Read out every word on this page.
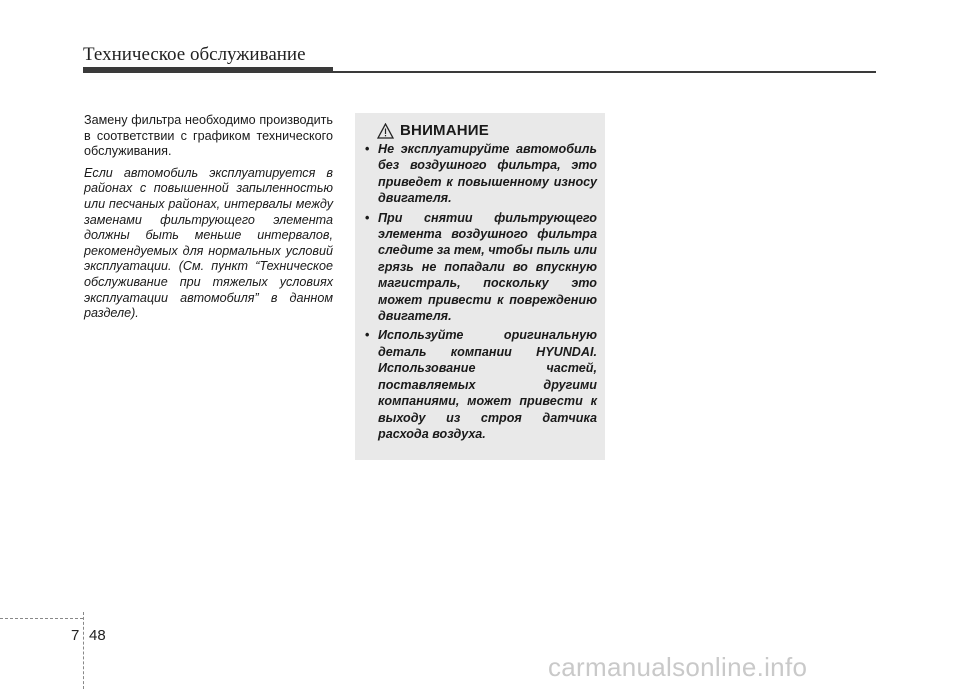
Техническое обслуживание

Замену фильтра необходимо производить в соответствии с графиком технического обслуживания.

Если автомобиль эксплуатируется в районах с повышенной запыленностью или песчаных районах, интервалы между заменами фильтрующего элемента должны быть меньше интервалов, рекомендуемых для нормальных условий эксплуатации. (См. пункт “Техническое обслуживание при тяжелых условиях эксплуатации автомобиля” в данном разделе).

ВНИМАНИЕ
• Не эксплуатируйте автомобиль без воздушного фильтра, это приведет к повышенному износу двигателя.
• При снятии фильтрующего элемента воздушного фильтра следите за тем, чтобы пыль или грязь не попадали во впускную магистраль, поскольку это может привести к повреждению двигателя.
• Используйте оригинальную деталь компании HYUNDAI. Использование частей, поставляемых другими компаниями, может привести к выходу из строя датчика расхода воздуха.
7 48
carmanualsonline.info
